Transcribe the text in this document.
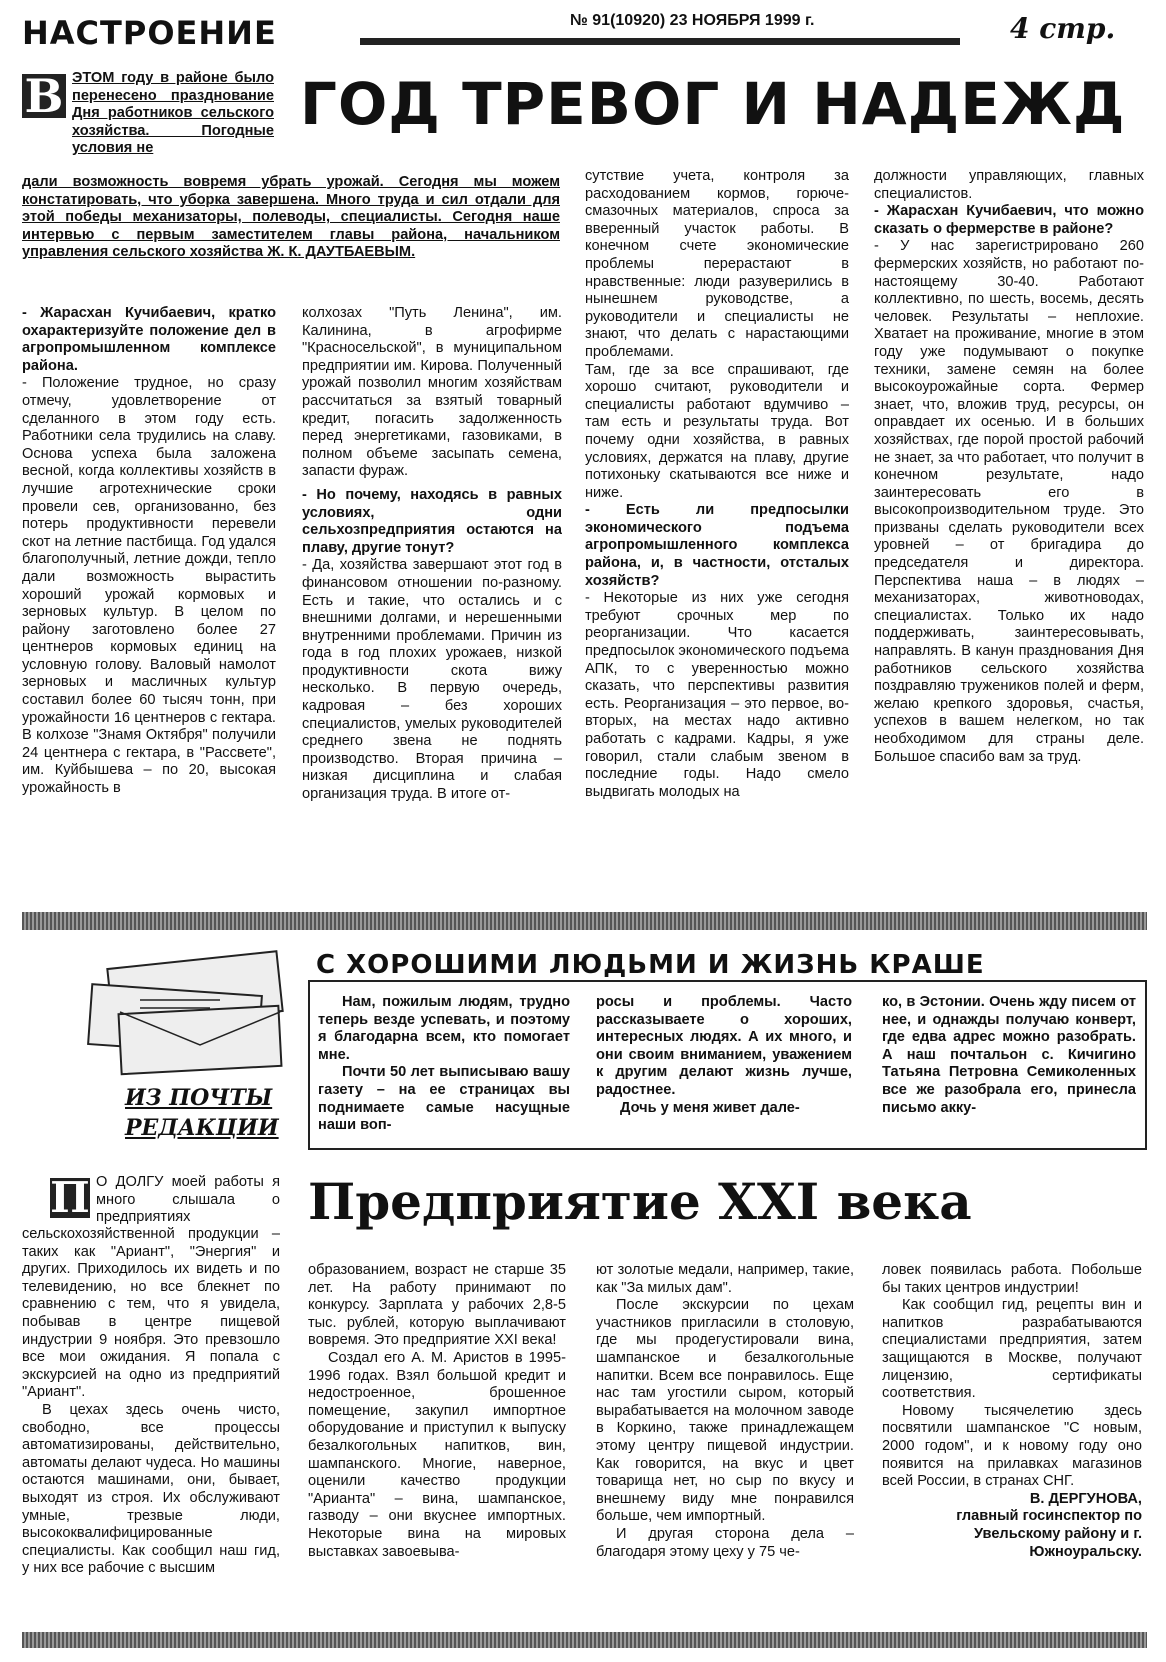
НАСТРОЕНИЕ	№ 91(10920) 23 НОЯБРЯ 1999 г.	4 стр.
В ЭТОМ году в районе было перенесено празднование Дня работников сельского хозяйства. Погодные условия не
ГОД ТРЕВОГ И НАДЕЖД
дали возможность вовремя убрать урожай. Сегодня мы можем констатировать, что уборка завершена. Много труда и сил отдали для этой победы механизаторы, полеводы, специалисты. Сегодня наше интервью с первым заместителем главы района, начальником управления сельского хозяйства Ж. К. ДАУТБАЕВЫМ.

- Жарасхан Кучибаевич, кратко охарактеризуйте положение дел в агропромышленном комплексе района.

- Положение трудное, но сразу отмечу, удовлетворение от сделанного в этом году есть. Работники села трудились на славу. Основа успеха была заложена весной, когда коллективы хозяйств в лучшие агротехнические сроки провели сев, организованно, без потерь продуктивности перевели скот на летние пастбища. Год удался благополучный, летние дожди, тепло дали возможность вырастить хороший урожай кормовых и зерновых культур. В целом по району заготовлено более 27 центнеров кормовых единиц на условную голову. Валовый намолот зерновых и масличных культур составил более 60 тысяч тонн, при урожайности 16 центнеров с гектара. В колхозе "Знамя Октября" получили 24 центнера с гектара, в "Рассвете", им. Куйбышева – по 20, высокая урожайность в

колхозах "Путь Ленина", им. Калинина, в агрофирме "Красносельской", в муниципальном предприятии им. Кирова. Полученный урожай позволил многим хозяйствам рассчитаться за взятый товарный кредит, погасить задолженность перед энергетиками, газовиками, в полном объеме засыпать семена, запасти фураж.

- Но почему, находясь в равных условиях, одни сельхозпредприятия остаются на плаву, другие тонут?

- Да, хозяйства завершают этот год в финансовом отношении по-разному. Есть и такие, что остались и с внешними долгами, и нерешенными внутренними проблемами. Причин из года в год плохих урожаев, низкой продуктивности скота вижу несколько. В первую очередь, кадровая – без хороших специалистов, умелых руководителей среднего звена не поднять производство. Вторая причина – низкая дисциплина и слабая организация труда. В итоге от-

сутствие учета, контроля за расходованием кормов, горюче-смазочных материалов, спроса за вверенный участок работы. В конечном счете экономические проблемы перерастают в нравственные: люди разуверились в нынешнем руководстве, а руководители и специалисты не знают, что делать с нарастающими проблемами.

Там, где за все спрашивают, где хорошо считают, руководители и специалисты работают вдумчиво – там есть и результаты труда. Вот почему одни хозяйства, в равных условиях, держатся на плаву, другие потихоньку скатываются все ниже и ниже.

- Есть ли предпосылки экономического подъема агропромышленного комплекса района, и, в частности, отсталых хозяйств?

- Некоторые из них уже сегодня требуют срочных мер по реорганизации. Что касается предпосылок экономического подъема АПК, то с уверенностью можно сказать, что перспективы развития есть. Реорганизация – это первое, во-вторых, на местах надо активно работать с кадрами. Кадры, я уже говорил, стали слабым звеном в последние годы. Надо смело выдвигать молодых на

должности управляющих, главных специалистов.

- Жарасхан Кучибаевич, что можно сказать о фермерстве в районе?

- У нас зарегистрировано 260 фермерских хозяйств, но работают по-настоящему 30-40. Работают коллективно, по шесть, восемь, десять человек. Результаты – неплохие. Хватает на проживание, многие в этом году уже подумывают о покупке техники, замене семян на более высокоурожайные сорта. Фермер знает, что, вложив труд, ресурсы, он оправдает их осенью. И в больших хозяйствах, где порой простой рабочий не знает, за что работает, что получит в конечном результате, надо заинтересовать его в высокопроизводительном труде. Это призваны сделать руководители всех уровней – от бригадира до председателя и директора. Перспектива наша – в людях – механизаторах, животноводах, специалистах. Только их надо поддерживать, заинтересовывать, направлять. В канун празднования Дня работников сельского хозяйства поздравляю тружеников полей и ферм, желаю крепкого здоровья, счастья, успехов в вашем нелегком, но так необходимом для страны деле. Большое спасибо вам за труд.

ИЗ ПОЧТЫ
РЕДАКЦИИ
С ХОРОШИМИ ЛЮДЬМИ И ЖИЗНЬ КРАШЕ

Нам, пожилым людям, трудно теперь везде успевать, и поэтому я благодарна всем, кто помогает мне.

Почти 50 лет выписываю вашу газету – на ее страницах вы поднимаете самые насущные наши воп-

росы и проблемы. Часто рассказываете о хороших, интересных людях. А их много, и они своим вниманием, уважением к другим делают жизнь лучше, радостнее.

Дочь у меня живет дале-

ко, в Эстонии. Очень жду писем от нее, и однажды получаю конверт, где едва адрес можно разобрать. А наш почтальон с. Кичигино Татьяна Петровна Семиколенных все же разобрала его, принесла письмо акку-

П О ДОЛГУ моей работы я много слышала о предприятиях	Предприятие XXI века

сельскохозяйственной продукции – таких как "Ариант", "Энергия" и других. Приходилось их видеть и по телевидению, но все блекнет по сравнению с тем, что я увидела, побывав в центре пищевой индустрии 9 ноября. Это превзошло все мои ожидания. Я попала с экскурсией на одно из предприятий "Ариант".

В цехах здесь очень чисто, свободно, все процессы автоматизированы, действительно, автоматы делают чудеса. Но машины остаются машинами, они, бывает, выходят из строя. Их обслуживают умные, трезвые люди, высококвалифицированные специалисты. Как сообщил наш гид, у них все рабочие с высшим

образованием, возраст не старше 35 лет. На работу принимают по конкурсу. Зарплата у рабочих 2,8-5 тыс. рублей, которую выплачивают вовремя. Это предприятие XXI века!

Создал его А. М. Аристов в 1995-1996 годах. Взял большой кредит и недостроенное, брошенное помещение, закупил импортное оборудование и приступил к выпуску безалкогольных напитков, вин, шампанского. Многие, наверное, оценили качество продукции "Арианта" – вина, шампанское, газводу – они вкуснее импортных. Некоторые вина на мировых выставках завоевыва-

ют золотые медали, например, такие, как "За милых дам".

После экскурсии по цехам участников пригласили в столовую, где мы продегустировали вина, шампанское и безалкогольные напитки. Всем все понравилось. Еще нас там угостили сыром, который вырабатывается на молочном заводе в Коркино, также принадлежащем этому центру пищевой индустрии. Как говорится, на вкус и цвет товарища нет, но сыр по вкусу и внешнему виду мне понравился больше, чем импортный.

И другая сторона дела – благодаря этому цеху у 75 че-

ловек появилась работа. Побольше бы таких центров индустрии!

Как сообщил гид, рецепты вин и напитков разрабатываются специалистами предприятия, затем защищаются в Москве, получают лицензию, сертификаты соответствия.

Новому тысячелетию здесь посвятили шампанское "С новым, 2000 годом", и к новому году оно появится на прилавках магазинов всей России, в странах СНГ.

В. ДЕРГУНОВА,

главный госинспектор по Увельскому району и г. Южноуральску.
